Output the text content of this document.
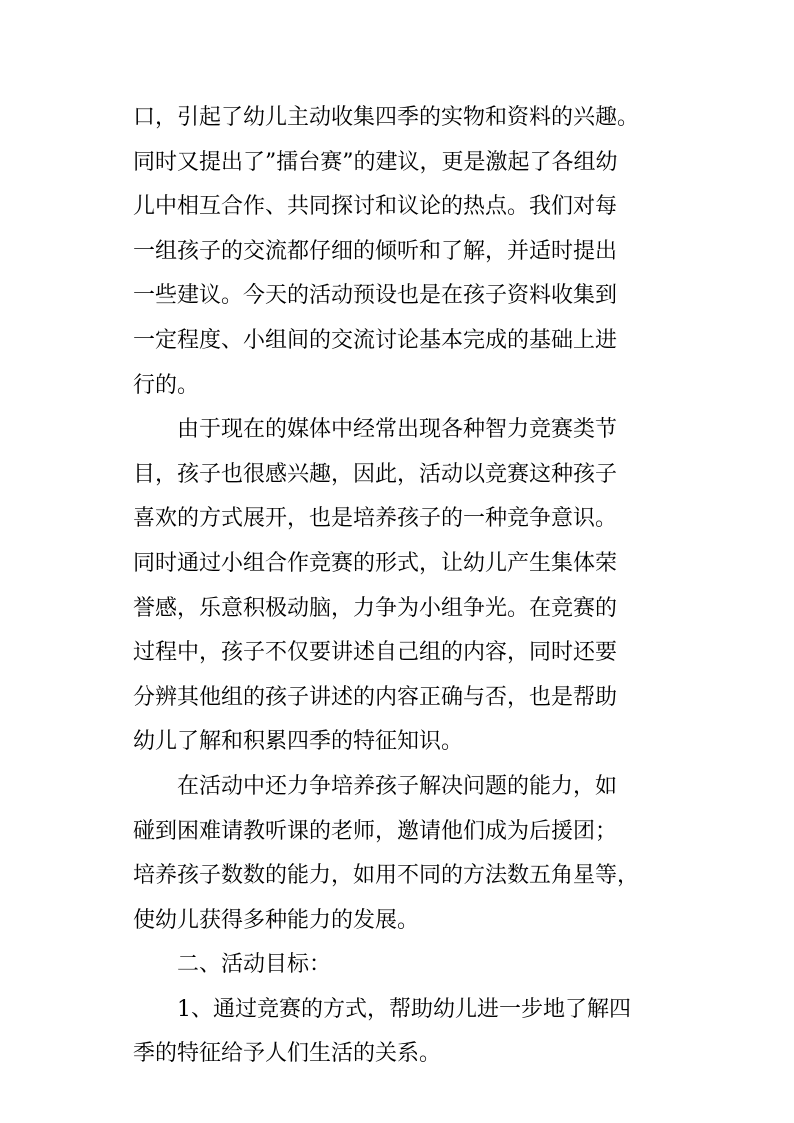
口，引起了幼儿主动收集四季的实物和资料的兴趣。
同时又提出了”擂台赛”的建议，更是激起了各组幼
儿中相互合作、共同探讨和议论的热点。我们对每
一组孩子的交流都仔细的倾听和了解，并适时提出
一些建议。今天的活动预设也是在孩子资料收集到
一定程度、小组间的交流讨论基本完成的基础上进
行的。
由于现在的媒体中经常出现各种智力竞赛类节
目，孩子也很感兴趣，因此，活动以竞赛这种孩子
喜欢的方式展开，也是培养孩子的一种竞争意识。
同时通过小组合作竞赛的形式，让幼儿产生集体荣
誉感，乐意积极动脑，力争为小组争光。在竞赛的
过程中，孩子不仅要讲述自己组的内容，同时还要
分辨其他组的孩子讲述的内容正确与否，也是帮助
幼儿了解和积累四季的特征知识。
在活动中还力争培养孩子解决问题的能力，如
碰到困难请教听课的老师，邀请他们成为后援团；
培养孩子数数的能力，如用不同的方法数五角星等，
使幼儿获得多种能力的发展。
二、活动目标：
1、通过竞赛的方式，帮助幼儿进一步地了解四
季的特征给予人们生活的关系。
